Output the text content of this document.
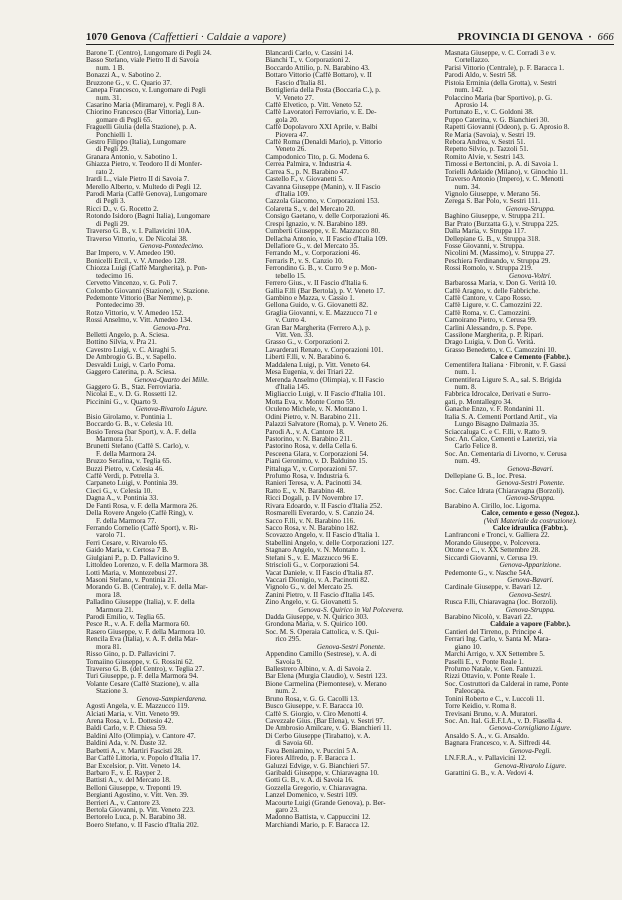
1070 Genova (Caffettieri · Caldaie a vapore)	PROVINCIA DI GENOVA  ·  666
Barone T. (Centro), Lungomare di Pegli 24.
Basso Stefano, viale Pietro II di Savoia
num. 1 B.
Bonazzi A., v. Sabotino 2.
Bruzzone G., v. C. Quario 37.
Canepa Francesco, v. Lungomare di Pegli
num. 31.
Casarino Maria (Miramare), v. Pegli 8 A.
Chiorino Francesco (Bar Vittoria), Lun-
gomare di Pegli 65.
Fraguelli Giulia (della Stazione), p. A.
Ponchielli 1.
Gestro Filippo (Italia), Lungomare
di Pegli 29.
Granara Antonio, v. Sabotino 1.
Ghiazza Pietro, v. Teodoro II di Monfer-
rato 2.
Irardi L., viale Pietro II di Savoia 7.
Merello Alberto, v. Multedo di Pegli 12.
Parodi Maria (Caffè Genova), Lungomare
di Pegli 3.
Ricci D., v. G. Rocetto 2.
Rotondo Isidoro (Bagni Italia), Lungomare
di Pegli 29.
Traverso G. B., v. I. Pallavicini 10A.
Traverso Vittorio, v. De Nicolai 38.
Genova-Pontedecimo.
Bar Impero, v. V. Amedeo 190.
Bonicelli Ercil., v. V. Amedeo 128.
Chiozza Luigi (Caffè Margherita), p. Pon-
tedecimo 16.
Cervetto Vincenzo, v. G. Poli 7.
Colombo Giovanni (Stazione), v. Stazione.
Pedemonte Vittorio (Bar Nemme), p.
Pontedecimo 39.
Rotzo Vittorio, v. V. Amedeo 152.
Rossi Anselmo, v. Vitt. Amedeo 134.
Genova-Pra.
Belletti Angelo, p. A. Sciesa.
Bottino Silvia, v. Pra 21.
Cavestro Luigi, v. C. Airaghi 5.
De Ambrogio G. B., v. Sapello.
Desvaldi Luigi, v. Carlo Poma.
Gaggero Caterina, p. A. Sciesa.
Genova-Quarto dei Mille.
Gaggero G. B., Staz. Ferroviaria.
Nicolai E., v. D. G. Rossetti 12.
Piccinini G., v. Quarto 9.
Genova-Rivarolo Ligure.
Bisio Girolamo, v. Pontinia 1.
Boccardo G. B., v. Celesia 10.
Bosio Teresa (bar Sport), v. A. F. della
Marmora 51.
Brunetti Stefano (Caffè S. Carlo), v.
F. della Marmora 24.
Bruzzo Serafina, v. Teglia 65.
Buzzi Pietro, v. Celesia 46.
Caffè Verdi, p. Petrella 3.
Carpaneto Luigi, v. Pontinia 39.
Cieci G., v. Celesia 10.
Dagna A., v. Pontinia 33.
De Fanti Rosa, v. F. della Marmora 26.
Della Rovere Angelo (Caffè Ring), v.
F. della Marmora 77.
Ferrando Cornelio (Caffè Sport), v. Ri-
varolo 71.
Ferri Cesare, v. Rivarolo 65.
Gaido Maria, v. Certosa 7 B.
Giulgiani P., p. D. Pallavicino 9.
Littoldeo Lorenzo, v. F. della Marmora 38.
Lotti Maria, v. Montezebusi 27.
Masoni Stefano, v. Pontinia 21.
Morando G. B. (Centrale), v. F. della Mar-
mora 18.
Palladino Giuseppe (Italia), v. F. della
Marmora 21.
Parodi Emilio, v. Teglia 65.
Pesce R., v. A. F. della Marmora 60.
Rasero Giuseppe, v. F. della Marmora 10.
Rencila Eva (Italia), v. A. F. della Mar-
mora 81.
Risso Gino, p. D. Pallavicini 7.
Tomaiino Giuseppe, v. G. Rossini 62.
Traverso G. B. (del Centro), v. Teglia 27.
Turi Giuseppe, p. F. della Marmora 94.
Volante Cesare (Caffè Stazione), v. alla
Stazione 3.
Genova-Sampierdarena.
Agosti Angela, v. E. Mazzucco 119.
Alciati Maria, v. Vitt. Veneto 99.
Arena Rosa, v. L. Dottesio 42.
Baldi Carlo, v. P. Chiesa 59.
Baldini Alfo (Olimpia), v. Cantore 47.
Baldini Ada, v. N. Daste 32.
Barbetti A., v. Martiri Fascisti 28.
Bar Caffè Littoria, v. Popolo d'Italia 17.
Bar Excelsior, p. Vitt. Veneto 14.
Barbaro F., v. E. Rayper 2.
Battisti A., v. del Mercato 18.
Belloni Giuseppe, v. Treponti 19.
Bergianti Agostino, v. Vitt. Ven. 39.
Berrieri A., v. Cantore 23.
Bertola Giovanni, p. Vitt. Veneto 223.
Bertorelo Luca, p. N. Barabino 38.
Boero Stefano, v. II Fascio d'Italia 202.
Blancardi Carlo, v. Cassini 14.
Bianchi T., v. Corporazioni 2.
Boccardo Attilio, p. N. Barabino 43.
Bottaro Vittorio (Caffè Bottaro), v. II
Fascio d'Italia 81.
Bottiglieria della Posta (Boccaria C.), p.
V. Veneto 27.
Caffè Elvetico, p. Vitt. Veneto 52.
Caffè Lavoratori Ferroviario, v. E. De-
gola 20.
Caffè Dopolavoro XXI Aprile, v. Balbi
Piovera 47.
Caffè Roma (Denaldi Mario), p. Vittorio
Veneto 26.
Campodonico Tito, p. G. Modena 6.
Cerrea Palmira, v. Industria 4.
Carrea S., p. N. Barabino 47.
Castello F., v. Giovanetti 5.
Cavanna Giuseppe (Manin), v. II Fascio
d'Italia 109.
Cazzola Giacomo, v. Corporazioni 153.
Colaretta S., v. del Mercato 20.
Consigo Gaetano, v. delle Corporazioni 46.
Crespi Ignazio, v. N. Barabino 189.
Cumberti Giuseppe, v. E. Mazzucco 80.
Dellacha Antonio, v. II Fascio d'Italia 109.
Dellafiore G., v. del Mercato 35.
Ferrando M., v. Corporazioni 46.
Ferraris P., v. S. Canzio 10.
Ferrondino G. B., v. Curro 9 e p. Mon-
tebello 15.
Ferrero Gius., v. II Fascio d'Italia 6.
Gallia F.lli (Bar Bertola), p. V. Veneto 17.
Gambino e Mazza, v. Cassio 1.
Gellona Guido, v. G. Giovanetti 82.
Graglia Giovanni, v. E. Mazzucco 71 e
v. Curro 4.
Gran Bar Margherita (Ferrero A.), p.
Vitt. Ven. 33.
Grasso G., v. Corporazioni 2.
Lavarderati Renato, v. Corporazioni 101.
Liberti F.lli, v. N. Barabino 6.
Maddalena Luigi, p. Vitt. Veneto 64.
Mesa Eugenia, v. dei Triari 22.
Merenda Anselmo (Olimpia), v. II Fascio
d'Italia 145.
Migliaccio Luigi, v. II Fascio d'Italia 101.
Motta Eva, v. Monte Corno 59.
Oculeno Michele, v. N. Montano 1.
Odini Pietro, v. N. Barabino 211.
Palazzi Salvatore (Roma), p. V. Veneto 26.
Parodi A., v. A. Cantore 18.
Pastorino, v. N. Barabino 211.
Pastorino Rosa, v. della Cella 6.
Pesceena Glara, v. Corporazioni 54.
Piani Geronimo, v. D. Balduino 15.
Pittaluga V., v. Corporazioni 57.
Profumo Rosa, v. Industria 6.
Ranieri Teresa, v. A. Pacinotti 34.
Ratto E., v. N. Barabino 48.
Ricci Dogali, p. IV Novembre 17.
Rivara Edoardo, v. II Fascio d'Italia 252.
Rosmarelli Everardo, v. S. Canzio 24.
Sacco F.lli, v. N. Barabino 116.
Sacco Rosa, v. N. Barabino 182.
Scovazzo Angelo, v. II Fascio d'Italia 1.
Stabellini Angelo, v. delle Corporazioni 127.
Stagnaro Angelo, v. N. Montano 1.
Stefani S., v. E. Mazzucco 96 E.
Striscioli G., v. Corporazioni 54.
Vacat Daniele, v. II Fascio d'Italia 87.
Vaccari Dionigio, v. A. Pacinotti 82.
Vignolo G., v. del Mercato 25.
Zanini Pietro, v. II Fascio d'Italia 145.
Zino Angelo, v. G. Giovanetti 5.
Genova-S. Quirico in Val Polcevera.
Dadda Giuseppe, v. N. Quirico 303.
Grondona Maria, v. S. Quirico 100.
Soc. M. S. Operaia Cattolica, v. S. Qui-
rico 295.
Genova-Sestri Ponente.
Appendino Camillo (Sestrese), v. A. di
Savoia 9.
Ballestrero Albino, v. A. di Savoia 2.
Bar Elena (Murgia Claudio), v. Sestri 123.
Bione Carmelina (Piemontese), v. Merano
num. 2.
Bruno Rosa, v. G. G. Cacolli 13.
Busco Giuseppe, v. F. Baracca 10.
Caffè S. Giorgio, v. Ciro Menotti 4.
Cavezzale Gius. (Bar Elena), v. Sestri 97.
De Ambrosio Amilcare, v. G. Bianchieri 11.
Di Cerbo Giuseppe (Tirabatto), v. A.
di Savoia 60.
Fava Beniamino, v. Puccini 5 A.
Fiores Alfredo, p. F. Baracca 1.
Galuzzi Edvige, v. G. Bianchieri 57.
Garibaldi Giuseppe, v. Chiaravagna 10.
Gotti G. B., v. A. di Savoia 16.
Gozzella Gregorio, v. Chiaravagna.
Lanzel Domenico, v. Sestri 109.
Macourte Luigi (Grande Genova), p. Ber-
garo 23.
Madonno Battista, v. Cappuccini 12.
Marchiandi Mario, p. F. Baracca 12.
Masnata Giuseppe, v. C. Corradi 3 e v.
Cortellazzo.
Parisi Vittorio (Centrale), p. F. Baracca 1.
Parodi Aldo, v. Sestri 58.
Pistoia Erminia (della Grotta), v. Sestri
num. 142.
Polaccino Maria (bar Sportivo), p. G.
Aprosio 14.
Portunato E., v. C. Goldoni 38.
Puppo Caterina, v. G. Bianchieri 30.
Rapetti Giovanni (Odeon), p. G. Aprosio 8.
Re Maria (Savoia), v. Sestri 19.
Rebora Andrea, v. Sestri 51.
Repetto Silvio, p. Tazzoli 51.
Romito Alvie, v. Sestri 143.
Timossi e Bertoncini, p. A. di Savoia 1.
Torielli Adelaide (Milano), v. Ginochio 11.
Traverso Antonio (Impero), v. C. Menotti
num. 34.
Vignolo Giuseppe, v. Merano 56.
Zerega S. Bar Polo, v. Sestri 111.
Genova-Struppa.
Baghino Giuseppe, v. Struppa 211.
Bar Prato (Burzatta G.), v. Struppa 225.
Dalla Maria, v. Struppa 117.
Dellepiane G. B., v. Struppa 318.
Fosse Giovanni, v. Struppa.
Nicolini M. (Massimo), v. Struppa 27.
Peschiera Ferdinando, v. Struppa 29.
Rossi Romolo, v. Struppa 219.
Genova-Voltri.
Barbarossa Maria, v. Don G. Verità 10.
Caffè Aragno, v. delle Fabbriche.
Caffè Cantore, v. Capo Rosso.
Caffè Ligure, v. C. Camozzini 22.
Caffè Roma, v. C. Camozzini.
Camoirano Pietro, v. Cerusa 99.
Carlini Alessandro, p. S. Pepe.
Cassilone Margherita, p. P. Ripari.
Drago Luigia, v. Don G. Verità.
Grasso Benedetto, v. C. Camozzini 10.
Calce e Cemento (Fabbr.).
Cementifera Italiana · Fibronit, v. F. Gassi
num. 1.
Cementifera Ligure S. A., sal. S. Brigida
num. 8.
Fabbrica Idrocalce, Derivati e Surro-
gati, p. Montallegro 34.
Ganache Enzo, v. F. Rondanini 11.
Italia S. A. Cementi Portland Artif., via
Lungo Bisagno Dalmazia 35.
Sciaccaluga C. e C. F.lli, v. Ratto 9.
Soc. An. Calce, Cementi e Laterizi, via
Carlo Felice 8.
Soc. An. Cementaria di Livorno, v. Cerusa
num. 49.
Genova-Bavari.
Dellepiane G. B., loc. Presa.
Genova-Sestri Ponente.
Soc. Calce Idrata (Chiaravagna (Borzoli).
Genova-Struppa.
Barabino A. Cirillo, loc. Ligorna.
Calce, cemento e gesso (Negoz.).
(Vedi Materiale da costruzione).
Calce idraulica (Fabbr.).
Lanfranconi e Tronci, v. Galliera 22.
Morando Giuseppe, v. Polcevera.
Ottone e C., v. XX Settembre 28.
Siccardi Giovanni, v. Cerusa 19.
Genova-Apparizione.
Pedemonte G., v. Nasche 54A.
Genova-Bavari.
Cardinale Giuseppe, v. Bavari 12.
Genova-Sestri.
Rusca F.lli, Chiaravagna (loc. Borzoli).
Genova-Struppa.
Barabino Nicolò, v. Bavari 22.
Caldaie a vapore (Fabbr.).
Cantieri del Tirreno, p. Principe 4.
Ferrari Ing. Carlo, v. Santa M. Mara-
giano 10.
Marchi Arrigo, v. XX Settembre 5.
Paselli E., v. Ponte Reale 1.
Profumo Natale, v. Gen. Fantuzzi.
Rizzi Ottavio, v. Ponte Reale 1.
Soc. Costruttori da Calderai in rame, Ponte
Paleocapa.
Tonini Roberto e C., v. Luccoli 11.
Torre Keidio, v. Roma 8.
Trevisani Bruno, v. A. Muratori.
Soc. An. Ital. G.E.F.I.A., v. D. Fiasella 4.
Genova-Cornigliano Ligure.
Ansaldo S. A., v. G. Ansaldo.
Bagnara Francesco, v. A. Siffredi 44.
Genova-Pegli.
I.N.F.R.A., v. Pallavicini 12.
Genova-Rivarolo Ligure.
Garattini G. B., v. A. Vedovi 4.
